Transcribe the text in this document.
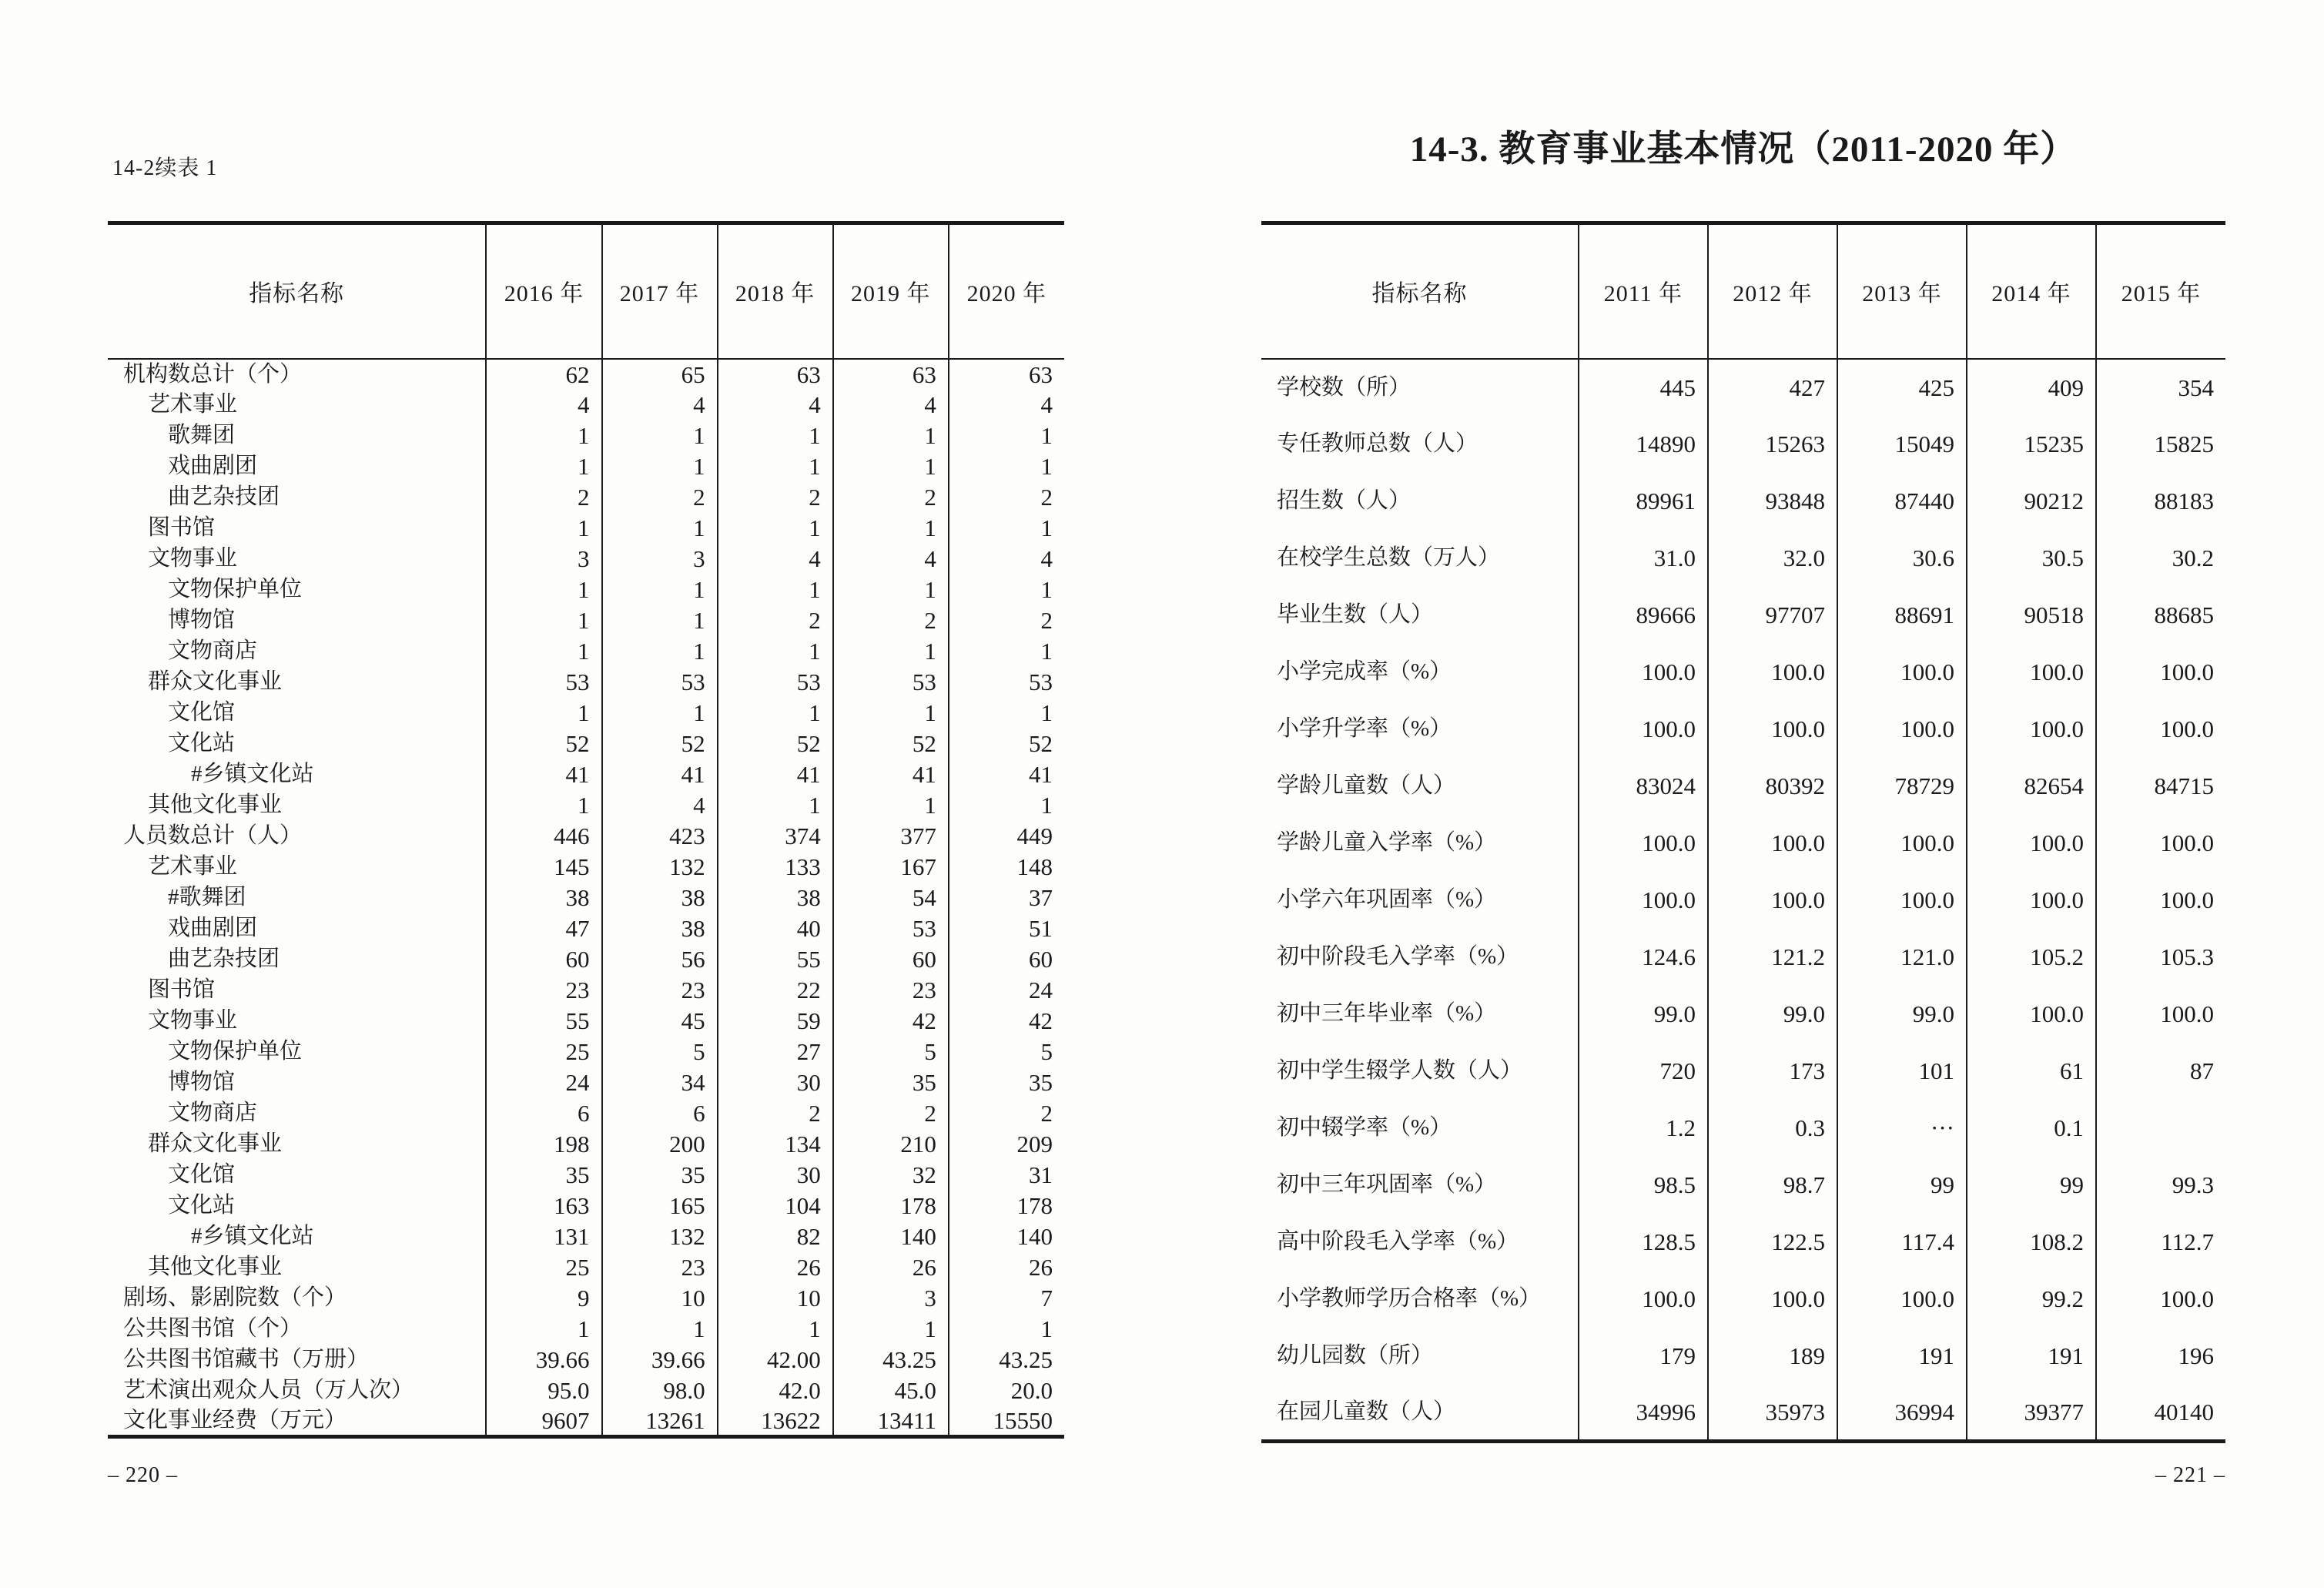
14-2续表 1	14-3. 教育事业基本情况（2011-2020 年）
指标名称	2016 年	2017 年	2018 年	2019 年	2020 年
机构数总计（个）	62	65	63	63	63
艺术事业	4	4	4	4	4
歌舞团	1	1	1	1	1
戏曲剧团	1	1	1	1	1
曲艺杂技团	2	2	2	2	2
图书馆	1	1	1	1	1
文物事业	3	3	4	4	4
文物保护单位	1	1	1	1	1
博物馆	1	1	2	2	2
文物商店	1	1	1	1	1
群众文化事业	53	53	53	53	53
文化馆	1	1	1	1	1
文化站	52	52	52	52	52
#乡镇文化站	41	41	41	41	41
其他文化事业	1	4	1	1	1
人员数总计（人）	446	423	374	377	449
艺术事业	145	132	133	167	148
#歌舞团	38	38	38	54	37
戏曲剧团	47	38	40	53	51
曲艺杂技团	60	56	55	60	60
图书馆	23	23	22	23	24
文物事业	55	45	59	42	42
文物保护单位	25	5	27	5	5
博物馆	24	34	30	35	35
文物商店	6	6	2	2	2
群众文化事业	198	200	134	210	209
文化馆	35	35	30	32	31
文化站	163	165	104	178	178
#乡镇文化站	131	132	82	140	140
其他文化事业	25	23	26	26	26
剧场、影剧院数（个）	9	10	10	3	7
公共图书馆（个）	1	1	1	1	1
公共图书馆藏书（万册）	39.66	39.66	42.00	43.25	43.25
艺术演出观众人员（万人次）	95.0	98.0	42.0	45.0	20.0
文化事业经费（万元）	9607	13261	13622	13411	15550
指标名称	2011 年	2012 年	2013 年	2014 年	2015 年
学校数（所）	445	427	425	409	354
专任教师总数（人）	14890	15263	15049	15235	15825
招生数（人）	89961	93848	87440	90212	88183
在校学生总数（万人）	31.0	32.0	30.6	30.5	30.2
毕业生数（人）	89666	97707	88691	90518	88685
小学完成率（%）	100.0	100.0	100.0	100.0	100.0
小学升学率（%）	100.0	100.0	100.0	100.0	100.0
学龄儿童数（人）	83024	80392	78729	82654	84715
学龄儿童入学率（%）	100.0	100.0	100.0	100.0	100.0
小学六年巩固率（%）	100.0	100.0	100.0	100.0	100.0
初中阶段毛入学率（%）	124.6	121.2	121.0	105.2	105.3
初中三年毕业率（%）	99.0	99.0	99.0	100.0	100.0
初中学生辍学人数（人）	720	173	101	61	87
初中辍学率（%）	1.2	0.3	···	0.1	
初中三年巩固率（%）	98.5	98.7	99	99	99.3
高中阶段毛入学率（%）	128.5	122.5	117.4	108.2	112.7
小学教师学历合格率（%）	100.0	100.0	100.0	99.2	100.0
幼儿园数（所）	179	189	191	191	196
在园儿童数（人）	34996	35973	36994	39377	40140
– 220 –	– 221 –
